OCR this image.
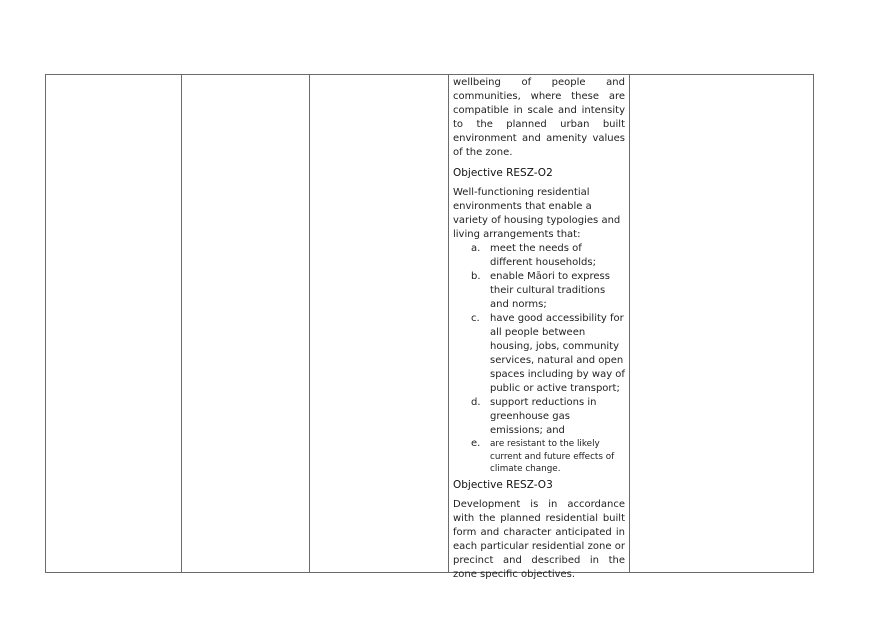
wellbeing of people and communities, where these are compatible in scale and intensity to the planned urban built environment and amenity values of the zone.

Objective RESZ-O2

Well-functioning residential environments that enable a variety of housing typologies and living arrangements that:

a. meet the needs of different households;
b. enable Māori to express their cultural traditions and norms;
c. have good accessibility for all people between housing, jobs, community services, natural and open spaces including by way of public or active transport;
d. support reductions in greenhouse gas emissions; and
e. are resistant to the likely current and future effects of climate change.
Objective RESZ-O3

Development is in accordance with the planned residential built form and character anticipated in each particular residential zone or precinct and described in the zone specific objectives.
